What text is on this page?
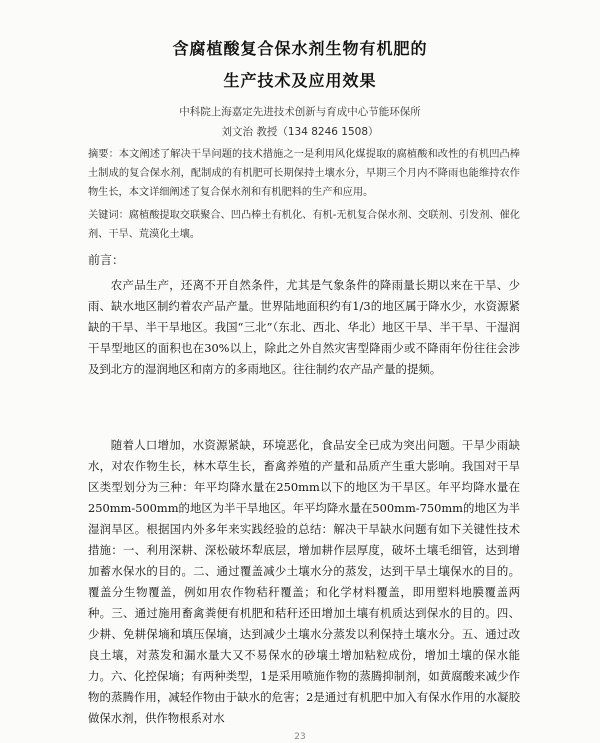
含腐植酸复合保水剂生物有机肥的
生产技术及应用效果
中科院上海嘉定先进技术创新与育成中心节能环保所
刘文治 教授（134 8246 1508）
摘要：本文阐述了解决干旱问题的技术措施之一是利用风化煤提取的腐植酸和改性的有机凹凸棒土制成的复合保水剂，配制成的有机肥可长期保持土壤水分，早期三个月内不降雨也能维持农作物生长，本文详细阐述了复合保水剂和有机肥料的生产和应用。
关键词：腐植酸提取交联聚合、凹凸棒土有机化、有机-无机复合保水剂、交联剂、引发剂、催化剂、干旱、荒漠化土壤。
前言：
农产品生产，还离不开自然条件，尤其是气象条件的降雨量长期以来在干旱、少雨、缺水地区制约着农产品产量。世界陆地面积约有1/3的地区属于降水少，水资源紧缺的干旱、半干旱地区。我国“三北”（东北、西北、华北）地区干旱、半干旱、干湿润干旱型地区的面积也在30%以上，除此之外自然灾害型降雨少或不降雨年份往往会涉及到北方的湿润地区和南方的多雨地区。往往制约农产品产量的提频。
随着人口增加，水资源紧缺，环境恶化，食品安全已成为突出问题。干旱少雨缺水，对农作物生长，林木草生长，畜禽养殖的产量和品质产生重大影响。我国对干旱区类型划分为三种：年平均降水量在250mm以下的地区为干旱区。年平均降水量在250mm-500mm的地区为半干旱地区。年平均降水量在500mm-750mm的地区为半湿润旱区。根据国内外多年来实践经验的总结：解决干旱缺水问题有如下关键性技术措施：一、利用深耕、深松破坏犁底层，增加耕作层厚度，破坏土壤毛细管，达到增加蓄水保水的目的。二、通过覆盖减少土壤水分的蒸发，达到干旱土壤保水的目的。覆盖分生物覆盖，例如用农作物秸秆覆盖；和化学材料覆盖，即用塑料地膜覆盖两种。三、通过施用畜禽粪便有机肥和秸秆还田增加土壤有机质达到保水的目的。四、少耕、免耕保墒和填压保墒，达到减少土壤水分蒸发以利保持土壤水分。五、通过改良土壤，对蒸发和漏水量大又不易保水的砂壤土增加粘粒成份，增加土壤的保水能力。六、化控保墒；有两种类型，1是采用喷施作物的蒸腾抑制剂，如黄腐酸来减少作物的蒸腾作用，减轻作物由于缺水的危害；2是通过有机肥中加入有保水作用的水凝胶做保水剂，供作物根系对水
23
